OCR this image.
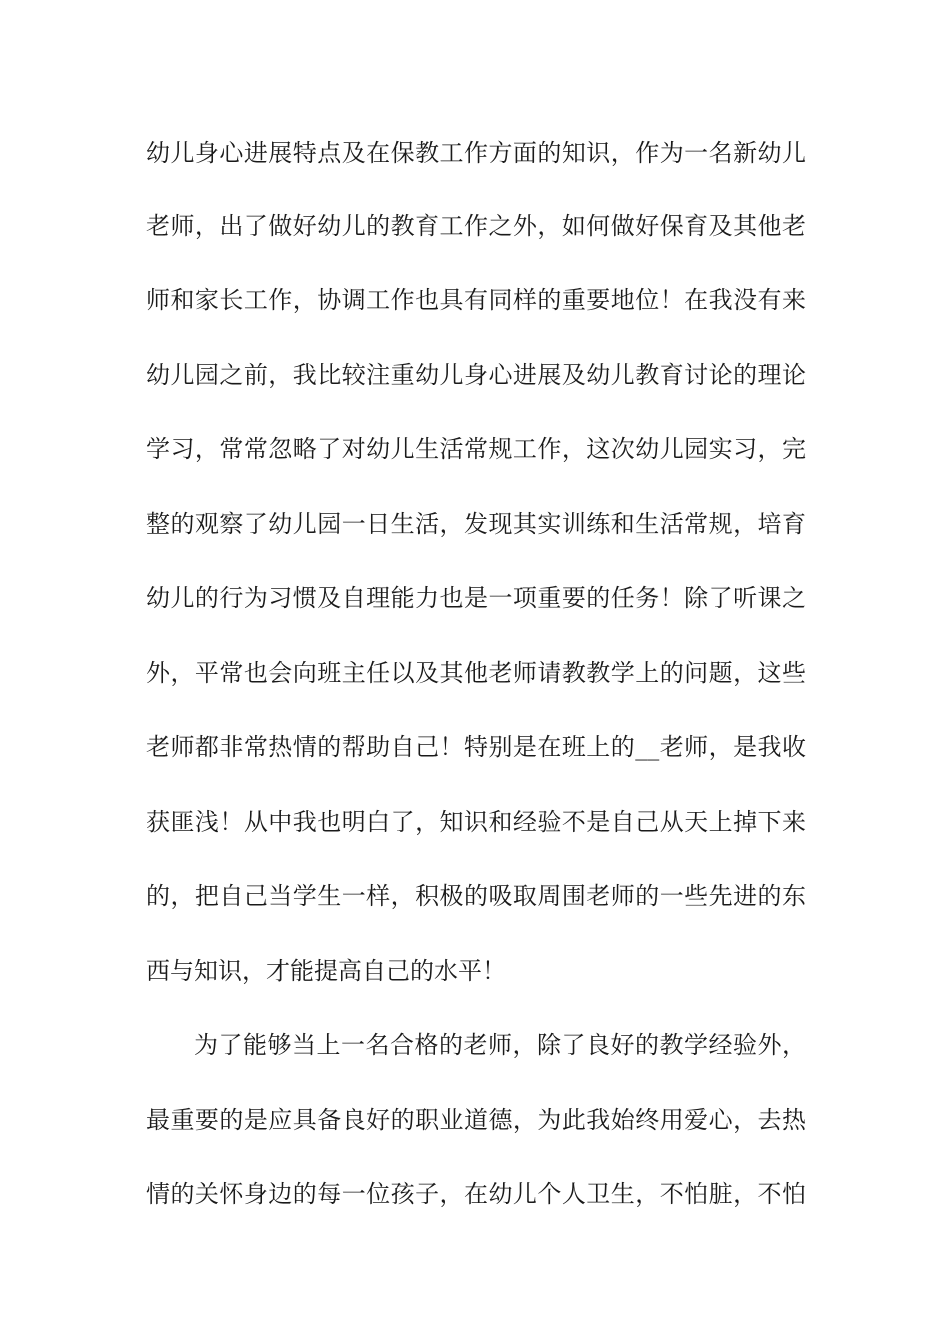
幼儿身心进展特点及在保教工作方面的知识，作为一名新幼儿
老师，出了做好幼儿的教育工作之外，如何做好保育及其他老
师和家长工作，协调工作也具有同样的重要地位！在我没有来
幼儿园之前，我比较注重幼儿身心进展及幼儿教育讨论的理论
学习，常常忽略了对幼儿生活常规工作，这次幼儿园实习，完
整的观察了幼儿园一日生活，发现其实训练和生活常规，培育
幼儿的行为习惯及自理能力也是一项重要的任务！除了听课之
外，平常也会向班主任以及其他老师请教教学上的问题，这些
老师都非常热情的帮助自己！特别是在班上的__老师，是我收
获匪浅！从中我也明白了，知识和经验不是自己从天上掉下来
的，把自己当学生一样，积极的吸取周围老师的一些先进的东
西与知识，才能提高自己的水平！
为了能够当上一名合格的老师，除了良好的教学经验外，
最重要的是应具备良好的职业道德，为此我始终用爱心，去热
情的关怀身边的每一位孩子，在幼儿个人卫生，不怕脏，不怕
